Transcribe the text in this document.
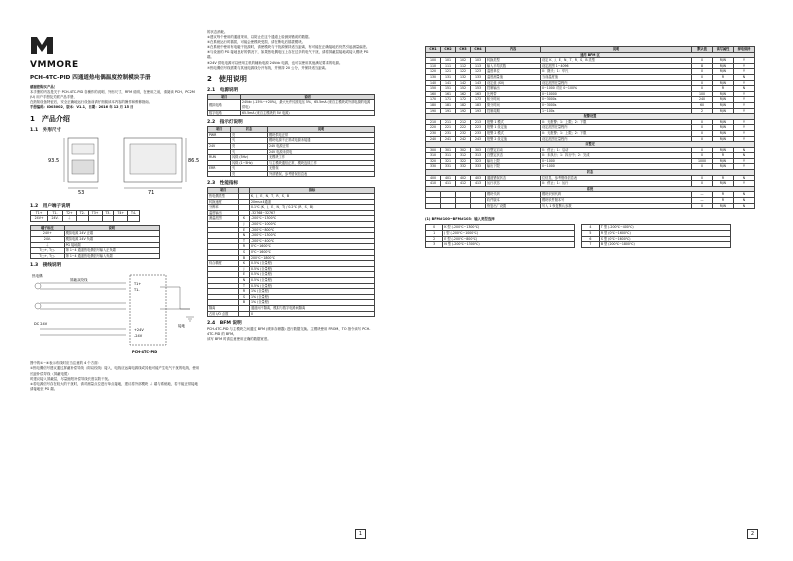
VMMORE
PCH-4TC-PID 四通道热电偶温度控制模块手册
感谢您购买产品！

本手册的内容是关于 PCH-4TC-PID 各操作的说明，外形尺寸，RFM 说明，在使用之前，请阅读 PCH、PC2M (U) 用户手册及关联产品手册，

在熟知设备特征后，安全正确地运行设备前请仔细阅读本内容的操作和维修指南。

手册编码：ID03002，版本：V1.1，日期：2016 年 12 月 15 日

1　产品介绍
1.1　外形尺寸
53
93.5
71
86.5
1.2　用户端子说明
T1+	T1-	T2+	T2-	T3+	T3-	T4+	T4-
24V+	24V-	⏚					
端子标注	说明
24V+	模拟电源 24V 正端
24V-	模拟电源 24V 负端
⏚	PG 接地端
T□+, T□-	第 1~4 通道热电偶信号输入正负端
T□+, T□-	第 1~4 通道热电偶信号输入负端
1.3　接线说明
热电偶
屏蔽双绞线
T1+
T1-
PCH-4TC-PID
DC 24V
+24V
-24V
接地

图中的①~④表示布线时应当注意的 4 个方面：

①热电偶信号建议通过屏蔽补偿导线（即双绞线）接入，电线应远离电源线或其他可能产生电气干扰的电线，使用长距补偿导线（屏蔽电缆）

时建议接入屏蔽层，尽量缩短补偿导线长度以防干扰。

②若电源信号存在较大的干扰时，请对测量点位进行单点接地，建议将外部模块 ⏚ 端与系统地，若不能正常接地请接地至 PG 端。

的状态消耗。

②建议每个使用的通道采用，以防止在这个通道上检测到错误的数据。

③在系统运行时插拔，可能会使模块受损，请在断电后插拔模块。

④在系统中使用有电磁干扰源时，请使模块与干扰源保持适当距离，有可能在正确接地后仍然引起测量偏差。

⑤与设备的 PG 接地良好的情况下，如果热电偶电压上存在过多的电气干扰，请将屏蔽层接地或接入模块 PG 端。

⑥24V 供电电源可以使用主机的辅助电源 24Vdc 电源，也可以使用其他满足要求的电源。

⑦热电偶信号线需要与其他电源线分开布线，并保持 20 公分，并保持适当距离。

2　使用说明
2.1　电源说明
项目	说明
模拟电路	24Vdc (-15%~+20%)，最大允许纹波电压 5%，65.5mA (来自主模块或外部电源的电源供电)
数字电路	65.5mA (来自主模块的 5V 电源)
2.2　指示灯说明
项目	状态	说明
PWR	亮	模块供电正常
	灭	模块电源不正常或电源未接通
24V	亮	24V 电源正常
	灭	24V 电源未供电
RUN	闪烁 (5Hz)	无模块工作
	闪烁 (1~5Hz)	与主模块通信正常，模块连续工作
ERR	灭	无错误
	亮	外部错误，参考错误信息表
2.3　性能指标
项目		指标
热电偶类型		K、J、E、N、T、R、S、B
转换速度		20ms×4通道
分辨率		0.1℃ (K、J、E、N、T) / 0.2℃ (R、S、B)
温度输出		-32768~32767
测温范围	K	-200℃~1300℃
	J	-200℃~1000℃
	E	-200℃~800℃
	N	-200℃~1300℃
	T	-200℃~400℃
	R	0℃~1600℃
	S	0℃~1600℃
	B	200℃~1800℃
综合精度	K	0.5% (全量程)
	J	0.5% (全量程)
	E	0.5% (全量程)
	N	0.5% (全量程)
	T	0.5% (全量程)
	R	1% (全量程)
	S	1% (全量程)
	B	1% (全量程)
隔离		通道间不隔离，模拟与数字电路间隔离
占用 I/O 点数		0
2.4　BFM 说明

PCH-4TC-PID 与主模块之间通过 BFM (缓冲存储器) 进行数据交换。主模块使用 FROM、TO 指令读写 PCH-4TC-PID 的 BFM。

读写 BFM 时请注意使用正确的数据宽度。

1
CH1	CH2	CH3	CH4	内容	说明	默认值	读写属性	掉电保持
通用 BFM 区								
100	101	102	103	转换类型	设定 K、J、E、N、T、R、S、B 类型	0	R/W	Y
110	111	112	113	输入平均次数	设定范围 1~4096	8	R/W	Y
120	121	122	123	温度单位	0：摄氏；1：华氏	0	R/W	Y
130	131	132	133	温度测量值	当前温度值	0	R	N
140	141	142	143	设定值 (SV)	设定范围在量程内	0	R/W	Y
150	151	152	153	控制输出	0~1000 对应 0~100%	0	R	N
160	161	162	163	比例带	0~10000	100	R/W	Y
170	171	172	173	积分时间	0~3000s	240	R/W	Y
180	181	182	183	微分时间	0~3000s	60	R/W	Y
190	191	192	193	控制周期	1~100s	2	R/W	Y
报警设置								
210	211	212	213	报警 1 模式	0：无报警；1：上限；2：下限	0	R/W	Y
220	221	222	223	报警 1 设定值	设定范围在量程内	0	R/W	Y
230	231	232	233	报警 2 模式	0：无报警；1：上限；2：下限	0	R/W	Y
240	241	242	243	报警 2 设定值	设定范围在量程内	0	R/W	Y
自整定								
300	301	302	303	自整定启动	0：停止；1：启动	0	R/W	N
310	311	312	313	自整定状态	0：未执行；1：执行中；2：完成	0	R	N
320	321	322	323	输出上限	0~1000	1000	R/W	Y
330	331	332	333	输出下限	0~1000	0	R/W	Y
状态								
400	401	402	403	通道错误状态	位信息，参考错误信息表	0	R	N
410	411	412	413	运行状态	0：停止；1：运行	0	R/W	Y
系统								
				模块代码	模块识别代码	—	R	N
				软件版本	模块软件版本号	—	R	N
				恢复出厂设置	写入 1 恢复默认参数	0	R/W	N
(1) BFM#100~BFM#103：输入类型选择
0	K 型 (-200℃~1300℃)
1	J 型 (-200℃~1000℃)
2	E 型 (-200℃~800℃)
3	N 型 (-200℃~1300℃)
4	T 型 (-200℃~400℃)
5	R 型 (0℃~1600℃)
6	S 型 (0℃~1600℃)
7	B 型 (200℃~1800℃)
2
